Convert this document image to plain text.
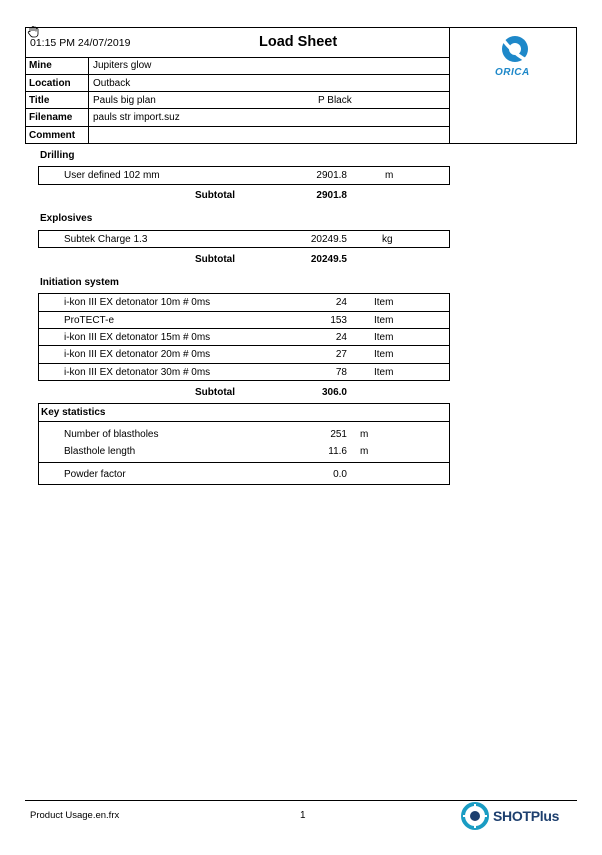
01:15 PM 24/07/2019	Load Sheet
ORICA
Mine	Jupiters glow
Location Outback
Title	Pauls big plan	P Black
Filename pauls str import.suz
Comment
Drilling
User defined 102 mm	2901.8	m
Subtotal	2901.8
Explosives
Subtek Charge 1.3	20249.5	kg
Subtotal	20249.5
Initiation system
i-kon III EX detonator 10m # 0ms	24	Item
ProTECT-e	153	Item
i-kon III EX detonator 15m # 0ms	24	Item
i-kon III EX detonator 20m # 0ms	27	Item
i-kon III EX detonator 30m # 0ms	78	Item
Subtotal	306.0
Key statistics
Number of blastholes	251 m
Blasthole length	11.6 m
Powder factor	0.0
Product Usage.en.frx	1	SHOTPlus
